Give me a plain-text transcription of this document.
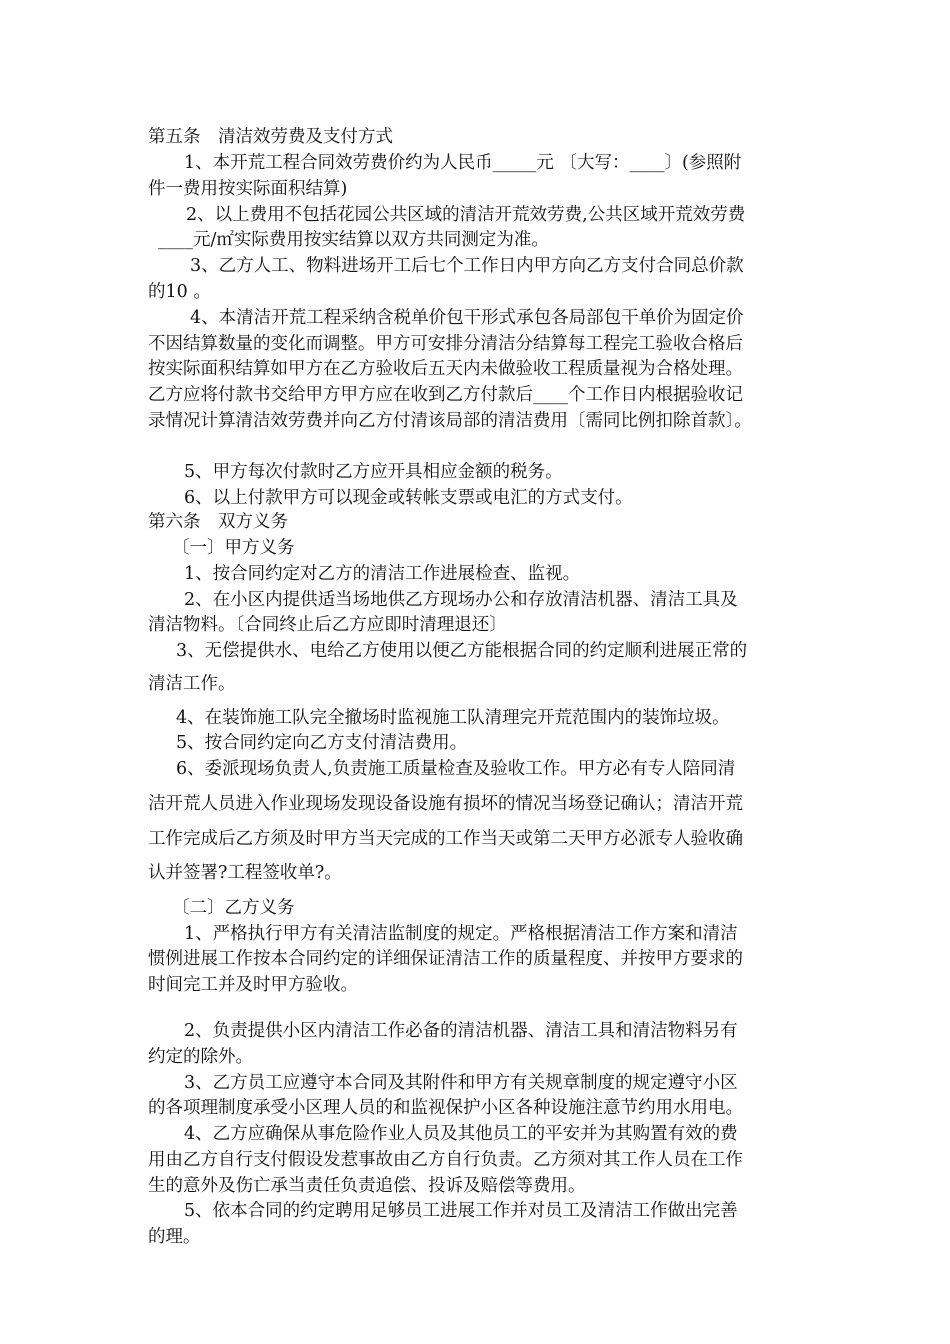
第五条　清洁效劳费及支付方式
1、本开荒工程合同效劳费价约为人民币_____元 〔大写：____〕(参照附
件一费用按实际面积结算)
2、以上费用不包括花园公共区域的清洁开荒效劳费,公共区域开荒效劳费
____元/㎡实际费用按实结算以双方共同测定为准。
3、乙方人工、物料进场开工后七个工作日内甲方向乙方支付合同总价款
的10 。
4、本清洁开荒工程采纳含税单价包干形式承包各局部包干单价为固定价
不因结算数量的变化而调整。甲方可安排分清洁分结算每工程完工验收合格后
按实际面积结算如甲方在乙方验收后五天内未做验收工程质量视为合格处理。
乙方应将付款书交给甲方甲方应在收到乙方付款后____个工作日内根据验收记
录情况计算清洁效劳费并向乙方付清该局部的清洁费用〔需同比例扣除首款〕。
5、甲方每次付款时乙方应开具相应金额的税务。
6、以上付款甲方可以现金或转帐支票或电汇的方式支付。
第六条　双方义务
〔一〕甲方义务
1、按合同约定对乙方的清洁工作进展检查、监视。
2、在小区内提供适当场地供乙方现场办公和存放清洁机器、清洁工具及
清洁物料。〔合同终止后乙方应即时清理退还〕
3、无偿提供水、电给乙方使用以便乙方能根据合同的约定顺利进展正常的
清洁工作。
4、在装饰施工队完全撤场时监视施工队清理完开荒范围内的装饰垃圾。
5、按合同约定向乙方支付清洁费用。
6、委派现场负责人,负责施工质量检查及验收工作。甲方必有专人陪同清
洁开荒人员进入作业现场发现设备设施有损坏的情况当场登记确认；清洁开荒
工作完成后乙方须及时甲方当天完成的工作当天或第二天甲方必派专人验收确
认并签署?工程签收单?。
〔二〕乙方义务
1、严格执行甲方有关清洁监制度的规定。严格根据清洁工作方案和清洁
惯例进展工作按本合同约定的详细保证清洁工作的质量程度、并按甲方要求的
时间完工并及时甲方验收。
2、负责提供小区内清洁工作必备的清洁机器、清洁工具和清洁物料另有
约定的除外。
3、乙方员工应遵守本合同及其附件和甲方有关规章制度的规定遵守小区
的各项理制度承受小区理人员的和监视保护小区各种设施注意节约用水用电。
4、乙方应确保从事危险作业人员及其他员工的平安并为其购置有效的费
用由乙方自行支付假设发惹事故由乙方自行负责。乙方须对其工作人员在工作
生的意外及伤亡承当责任负责追偿、投诉及赔偿等费用。
5、依本合同的约定聘用足够员工进展工作并对员工及清洁工作做出完善
的理。
